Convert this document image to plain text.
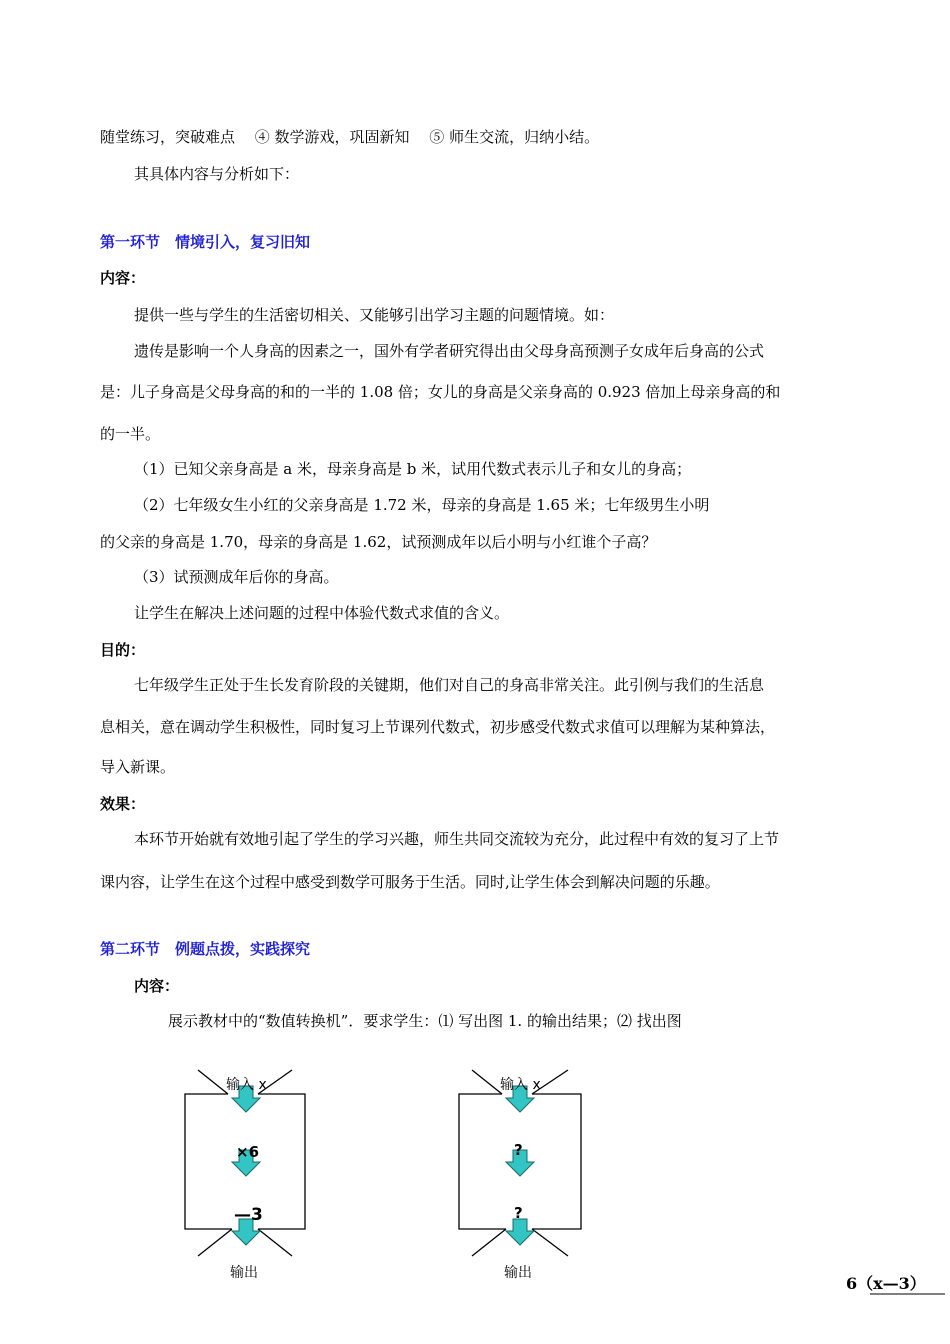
随堂练习，突破难点　 ④ 数学游戏，巩固新知　 ⑤ 师生交流，归纳小结。
其具体内容与分析如下：
第一环节　情境引入，复习旧知
内容：
提供一些与学生的生活密切相关、又能够引出学习主题的问题情境。如：
遗传是影响一个人身高的因素之一，国外有学者研究得出由父母身高预测子女成年后身高的公式
是：儿子身高是父母身高的和的一半的 1.08 倍；女儿的身高是父亲身高的 0.923 倍加上母亲身高的和
的一半。
（1）已知父亲身高是 a 米，母亲身高是 b 米，试用代数式表示儿子和女儿的身高；
（2）七年级女生小红的父亲身高是 1.72 米，母亲的身高是 1.65 米；七年级男生小明
的父亲的身高是 1.70，母亲的身高是 1.62，试预测成年以后小明与小红谁个子高？
（3）试预测成年后你的身高。
让学生在解决上述问题的过程中体验代数式求值的含义。
目的：
七年级学生正处于生长发育阶段的关键期，他们对自己的身高非常关注。此引例与我们的生活息
息相关，意在调动学生积极性，同时复习上节课列代数式，初步感受代数式求值可以理解为某种算法，
导入新课。
效果：
本环节开始就有效地引起了学生的学习兴趣，师生共同交流较为充分，此过程中有效的复习了上节
课内容，让学生在这个过程中感受到数学可服务于生活。同时,让学生体会到解决问题的乐趣。
第二环节　例题点拨，实践探究
内容：
展示教材中的“数值转换机”．要求学生：⑴ 写出图 1. 的输出结果；⑵ 找出图
输入 x
×6
—3
输出
输入 x
?
?
输出
6（x—3）
